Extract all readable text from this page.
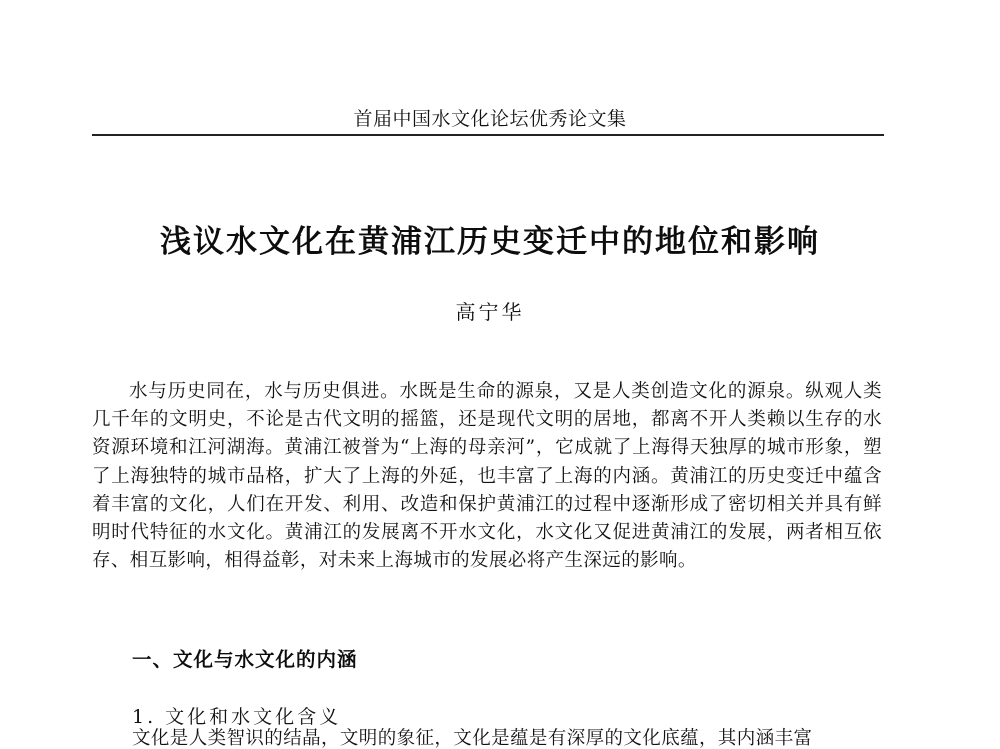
首届中国水文化论坛优秀论文集
浅议水文化在黄浦江历史变迁中的地位和影响
高宁华

水与历史同在，水与历史俱进。水既是生命的源泉，又是人类创造文化的源泉。纵观人类几千年的文明史，不论是古代文明的摇篮，还是现代文明的居地，都离不开人类赖以生存的水资源环境和江河湖海。黄浦江被誉为“上海的母亲河”，它成就了上海得天独厚的城市形象，塑了上海独特的城市品格，扩大了上海的外延，也丰富了上海的内涵。黄浦江的历史变迁中蕴含着丰富的文化，人们在开发、利用、改造和保护黄浦江的过程中逐渐形成了密切相关并具有鲜明时代特征的水文化。黄浦江的发展离不开水文化，水文化又促进黄浦江的发展，两者相互依存、相互影响，相得益彰，对未来上海城市的发展必将产生深远的影响。

一、文化与水文化的内涵
1. 文化和水文化含义
文化是人类智识的结晶，文明的象征，文化是蕴是有深厚的文化底蕴，其内涵丰富
